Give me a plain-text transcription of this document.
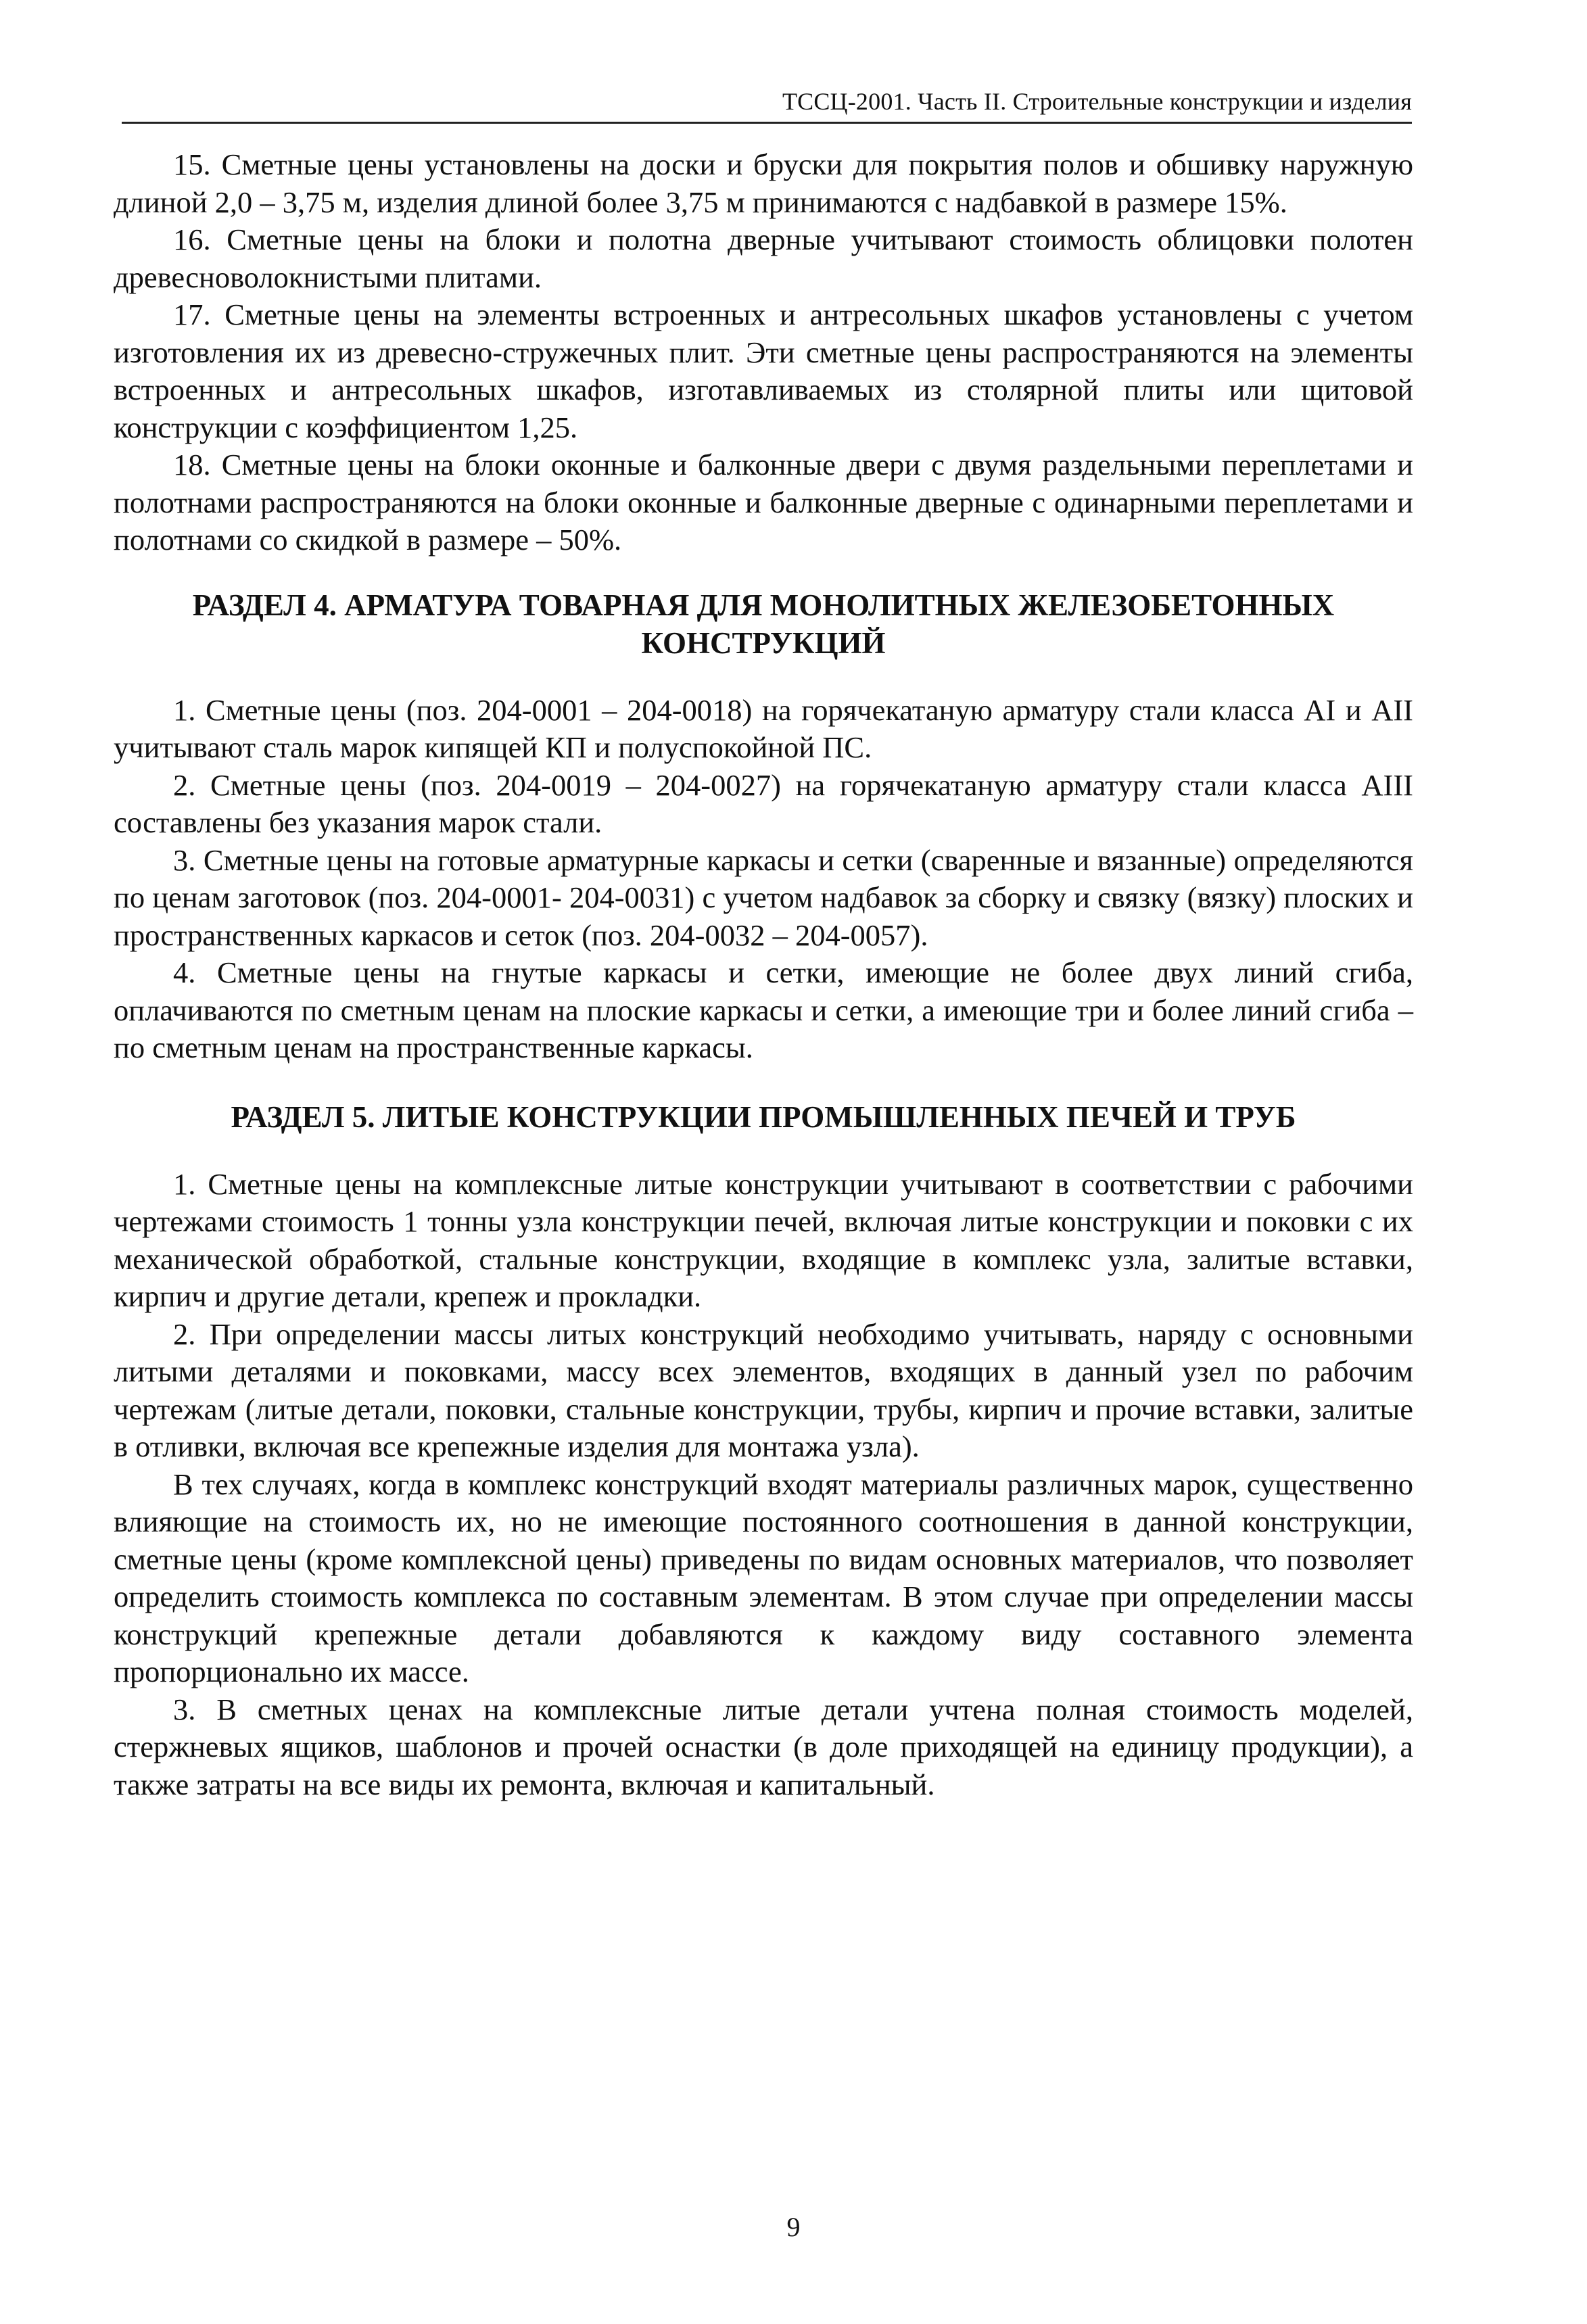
ТССЦ-2001. Часть II. Строительные конструкции и изделия

15. Сметные цены установлены на доски и бруски для покрытия полов и обшивку наружную длиной 2,0 – 3,75 м, изделия длиной более 3,75 м принимаются с надбавкой в размере 15%.

16. Сметные цены на блоки и полотна дверные учитывают стоимость облицовки полотен древесноволокнистыми плитами.

17. Сметные цены на элементы встроенных и антресольных шкафов установлены с учетом изготовления их из древесно-стружечных плит. Эти сметные цены распространяются на элементы встроенных и антресольных шкафов, изготавливаемых из столярной плиты или щитовой конструкции с коэффициентом 1,25.

18. Сметные цены на блоки оконные и балконные двери с двумя раздельными переплетами и полотнами распространяются на блоки оконные и балконные дверные с одинарными переплетами и полотнами со скидкой в размере – 50%.

РАЗДЕЛ 4. АРМАТУРА ТОВАРНАЯ ДЛЯ МОНОЛИТНЫХ ЖЕЛЕЗОБЕТОННЫХ КОНСТРУКЦИЙ

1. Сметные цены (поз. 204-0001 – 204-0018) на горячекатаную арматуру стали класса AI и AII учитывают сталь марок кипящей КП и полуспокойной ПС.

2. Сметные цены (поз. 204-0019 – 204-0027) на горячекатаную арматуру стали класса AIII составлены без указания марок стали.

3. Сметные цены на готовые арматурные каркасы и сетки (сваренные и вязанные) определяются по ценам заготовок (поз. 204-0001- 204-0031) с учетом надбавок за сборку и связку (вязку) плоских и пространственных каркасов и сеток (поз. 204-0032 – 204-0057).

4. Сметные цены на гнутые каркасы и сетки, имеющие не более двух линий сгиба, оплачиваются по сметным ценам на плоские каркасы и сетки, а имеющие три и более линий сгиба – по сметным ценам на пространственные каркасы.

РАЗДЕЛ 5. ЛИТЫЕ КОНСТРУКЦИИ ПРОМЫШЛЕННЫХ ПЕЧЕЙ И ТРУБ

1. Сметные цены на комплексные литые конструкции учитывают в соответствии с рабочими чертежами стоимость 1 тонны узла конструкции печей, включая литые конструкции и поковки с их механической обработкой, стальные конструкции, входящие в комплекс узла, залитые вставки, кирпич и другие детали, крепеж и прокладки.

2. При определении массы литых конструкций необходимо учитывать, наряду с основными литыми деталями и поковками, массу всех элементов, входящих в данный узел по рабочим чертежам (литые детали, поковки, стальные конструкции, трубы, кирпич и прочие вставки, залитые в отливки, включая все крепежные изделия для монтажа узла).

В тех случаях, когда в комплекс конструкций входят материалы различных марок, существенно влияющие на стоимость их, но не имеющие постоянного соотношения в данной конструкции, сметные цены (кроме комплексной цены) приведены по видам основных материалов, что позволяет определить стоимость комплекса по составным элементам. В этом случае при определении массы конструкций крепежные детали добавляются к каждому виду составного элемента пропорционально их массе.

3. В сметных ценах на комплексные литые детали учтена полная стоимость моделей, стержневых ящиков, шаблонов и прочей оснастки (в доле приходящей на единицу продукции), а также затраты на все виды их ремонта, включая и капитальный.

9
